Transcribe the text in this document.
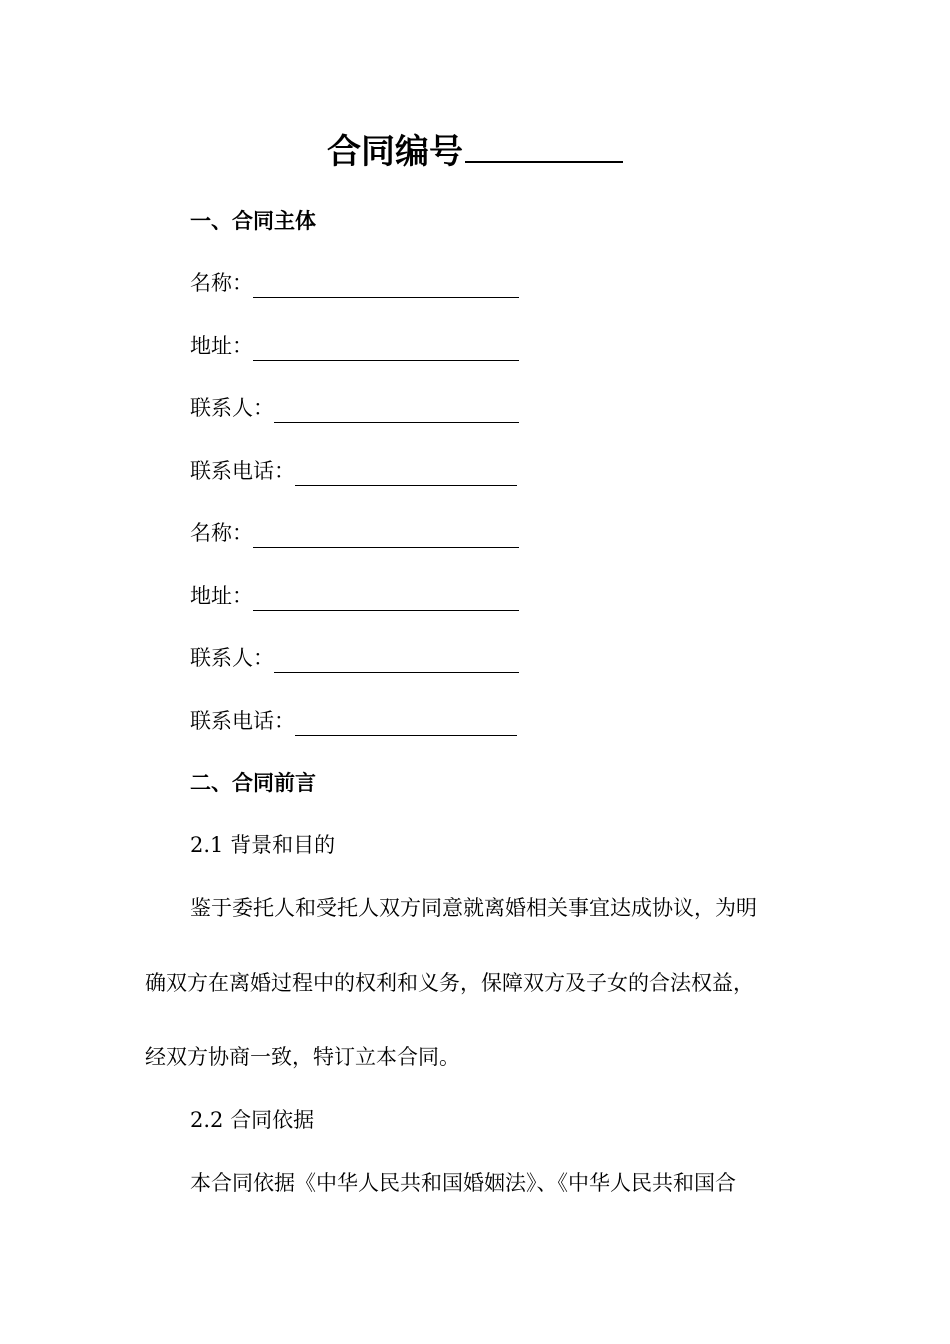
合同编号
一、合同主体

名称：

地址：

联系人：

联系电话：

名称：

地址：

联系人：

联系电话：

二、合同前言

2.1 背景和目的

鉴于委托人和受托人双方同意就离婚相关事宜达成协议，为明

确双方在离婚过程中的权利和义务，保障双方及子女的合法权益，

经双方协商一致，特订立本合同。

2.2 合同依据

本合同依据《中华人民共和国婚姻法》、《中华人民共和国合
